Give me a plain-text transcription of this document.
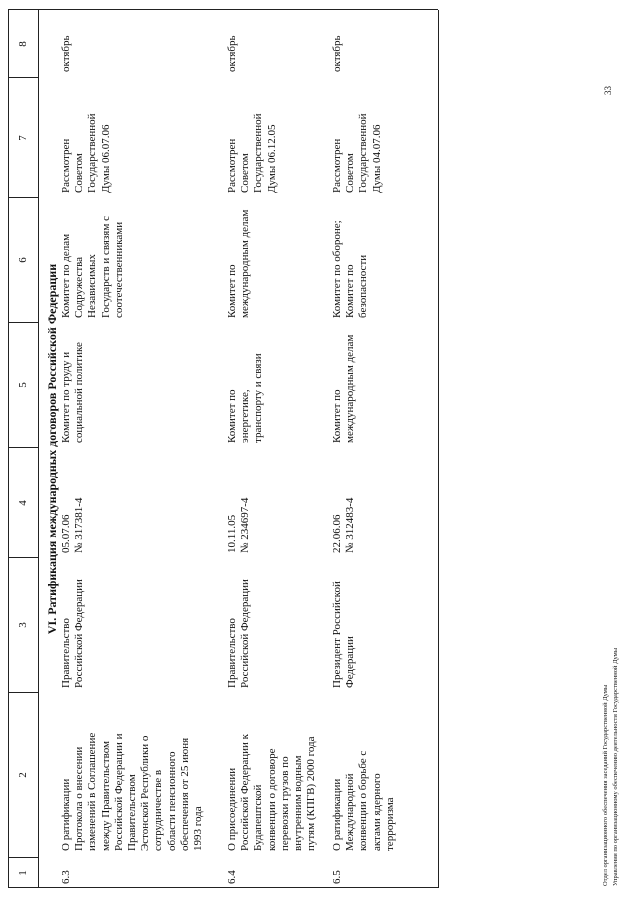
1
2
3
4
5
6
7
8
VI. Ратификация международных договоров Российской Федерации
6.3
О ратификации
Протокола о внесении
изменений в Соглашение
между Правительством
Российской Федерации и
Правительством
Эстонской Республики о
сотрудничестве в
области пенсионного
обеспечения от 25 июня
1993 года
Правительство
Российской Федерации
05.07.06
№ 317381-4
Комитет по труду и
социальной политике
Комитет по делам
Содружества
Независимых
Государств и связям с
соотечественниками
Рассмотрен
Советом
Государственной
Думы 06.07.06
октябрь
6.4
О присоединении
Российской Федерации к
Будапештской
конвенции о договоре
перевозки грузов по
внутренним водным
путям (КПГВ) 2000 года
Правительство
Российской Федерации
10.11.05
№ 234697-4
Комитет по
энергетике,
транспорту и связи
Комитет по
международным делам
Рассмотрен
Советом
Государственной
Думы 06.12.05
октябрь
6.5
О ратификации
Международной
конвенции о борьбе с
актами ядерного
терроризма
Президент Российской
Федерации
22.06.06
№ 312483-4
Комитет по
международным делам
Комитет по обороне;
Комитет по
безопасности
Рассмотрен
Советом
Государственной
Думы 04.07.06
октябрь
Отдел организационного обеспечения заседаний Государственной Думы Управления по организационному обеспечению деятельности Государственной Думы
33
